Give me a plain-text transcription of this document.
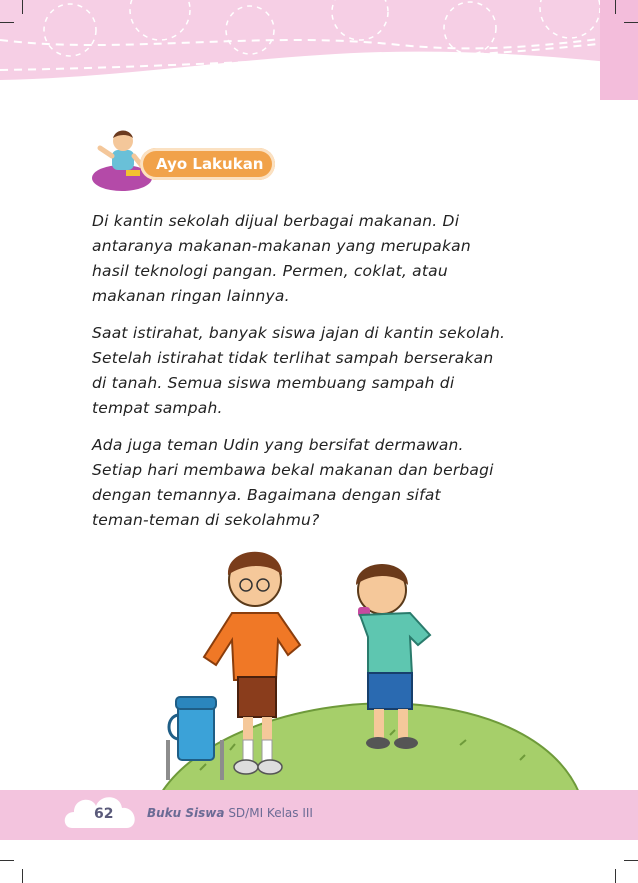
Ayo Lakukan
Di kantin sekolah dijual berbagai makanan. Di
antaranya makanan-makanan yang merupakan
hasil teknologi pangan. Permen, coklat, atau
makanan ringan lainnya.
Saat istirahat, banyak siswa jajan di kantin sekolah.
Setelah istirahat tidak terlihat sampah berserakan
di tanah. Semua siswa membuang sampah di
tempat sampah.
Ada juga teman Udin yang bersifat dermawan.
Setiap hari membawa bekal makanan dan berbagi
dengan temannya. Bagaimana dengan sifat
teman-teman di sekolahmu?
62	Buku Siswa SD/MI Kelas III
